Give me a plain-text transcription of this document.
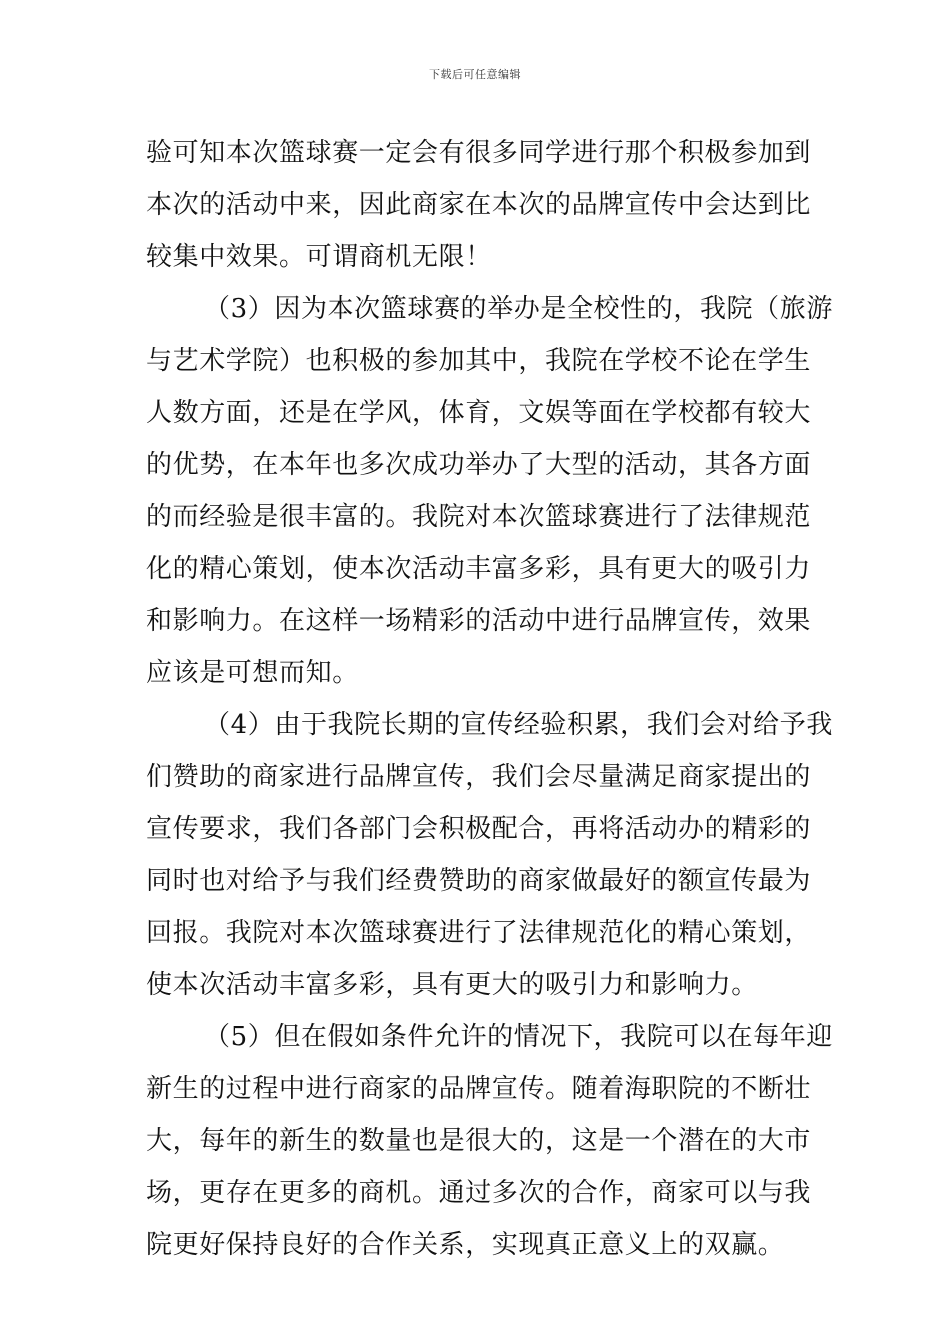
下载后可任意编辑
验可知本次篮球赛一定会有很多同学进行那个积极参加到
本次的活动中来，因此商家在本次的品牌宣传中会达到比
较集中效果。可谓商机无限！
（3）因为本次篮球赛的举办是全校性的，我院（旅游
与艺术学院）也积极的参加其中，我院在学校不论在学生
人数方面，还是在学风，体育，文娱等面在学校都有较大
的优势，在本年也多次成功举办了大型的活动，其各方面
的而经验是很丰富的。我院对本次篮球赛进行了法律规范
化的精心策划，使本次活动丰富多彩，具有更大的吸引力
和影响力。在这样一场精彩的活动中进行品牌宣传，效果
应该是可想而知。
（4）由于我院长期的宣传经验积累，我们会对给予我
们赞助的商家进行品牌宣传，我们会尽量满足商家提出的
宣传要求，我们各部门会积极配合，再将活动办的精彩的
同时也对给予与我们经费赞助的商家做最好的额宣传最为
回报。我院对本次篮球赛进行了法律规范化的精心策划，
使本次活动丰富多彩，具有更大的吸引力和影响力。
（5）但在假如条件允许的情况下，我院可以在每年迎
新生的过程中进行商家的品牌宣传。随着海职院的不断壮
大，每年的新生的数量也是很大的，这是一个潜在的大市
场，更存在更多的商机。通过多次的合作，商家可以与我
院更好保持良好的合作关系，实现真正意义上的双赢。
